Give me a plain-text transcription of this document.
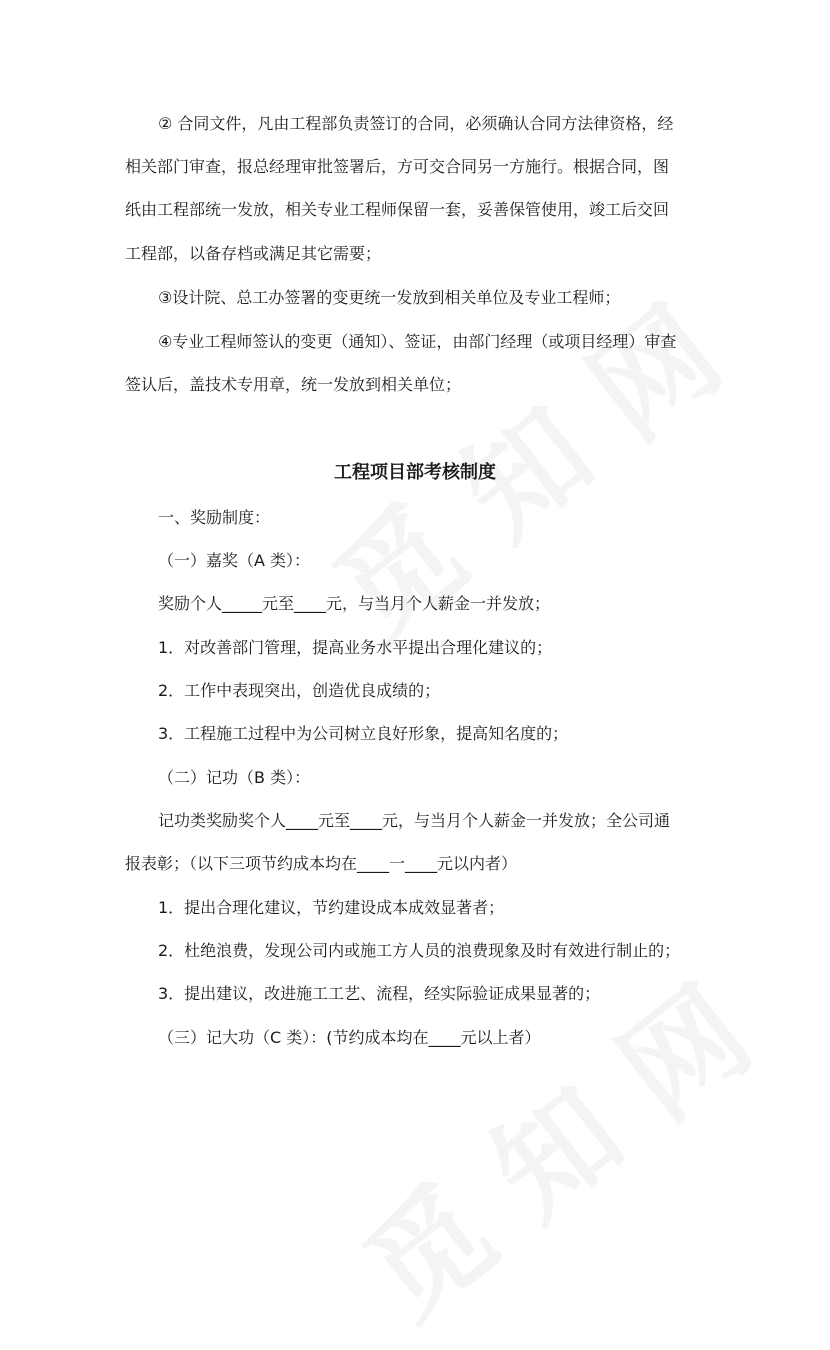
② 合同文件，凡由工程部负责签订的合同，必须确认合同方法律资格，经

相关部门审查，报总经理审批签署后，方可交合同另一方施行。根据合同，图

纸由工程部统一发放，相关专业工程师保留一套，妥善保管使用，竣工后交回

工程部，以备存档或满足其它需要；

③设计院、总工办签署的变更统一发放到相关单位及专业工程师；

④专业工程师签认的变更（通知）、签证，由部门经理（或项目经理）审查

签认后，盖技术专用章，统一发放到相关单位；

工程项目部考核制度

一、奖励制度：

（一）嘉奖（A 类）：

奖励个人_____元至____元，与当月个人薪金一并发放；

1．对改善部门管理，提高业务水平提出合理化建议的；

2．工作中表现突出，创造优良成绩的；

3．工程施工过程中为公司树立良好形象，提高知名度的；

（二）记功（B 类）：

记功类奖励奖个人____元至____元，与当月个人薪金一并发放；全公司通

报表彰；（以下三项节约成本均在____一____元以内者）

1．提出合理化建议，节约建设成本成效显著者；

2．杜绝浪费，发现公司内或施工方人员的浪费现象及时有效进行制止的；

3．提出建议，改进施工工艺、流程，经实际验证成果显著的；

（三）记大功（C 类）：(节约成本均在____元以上者）
